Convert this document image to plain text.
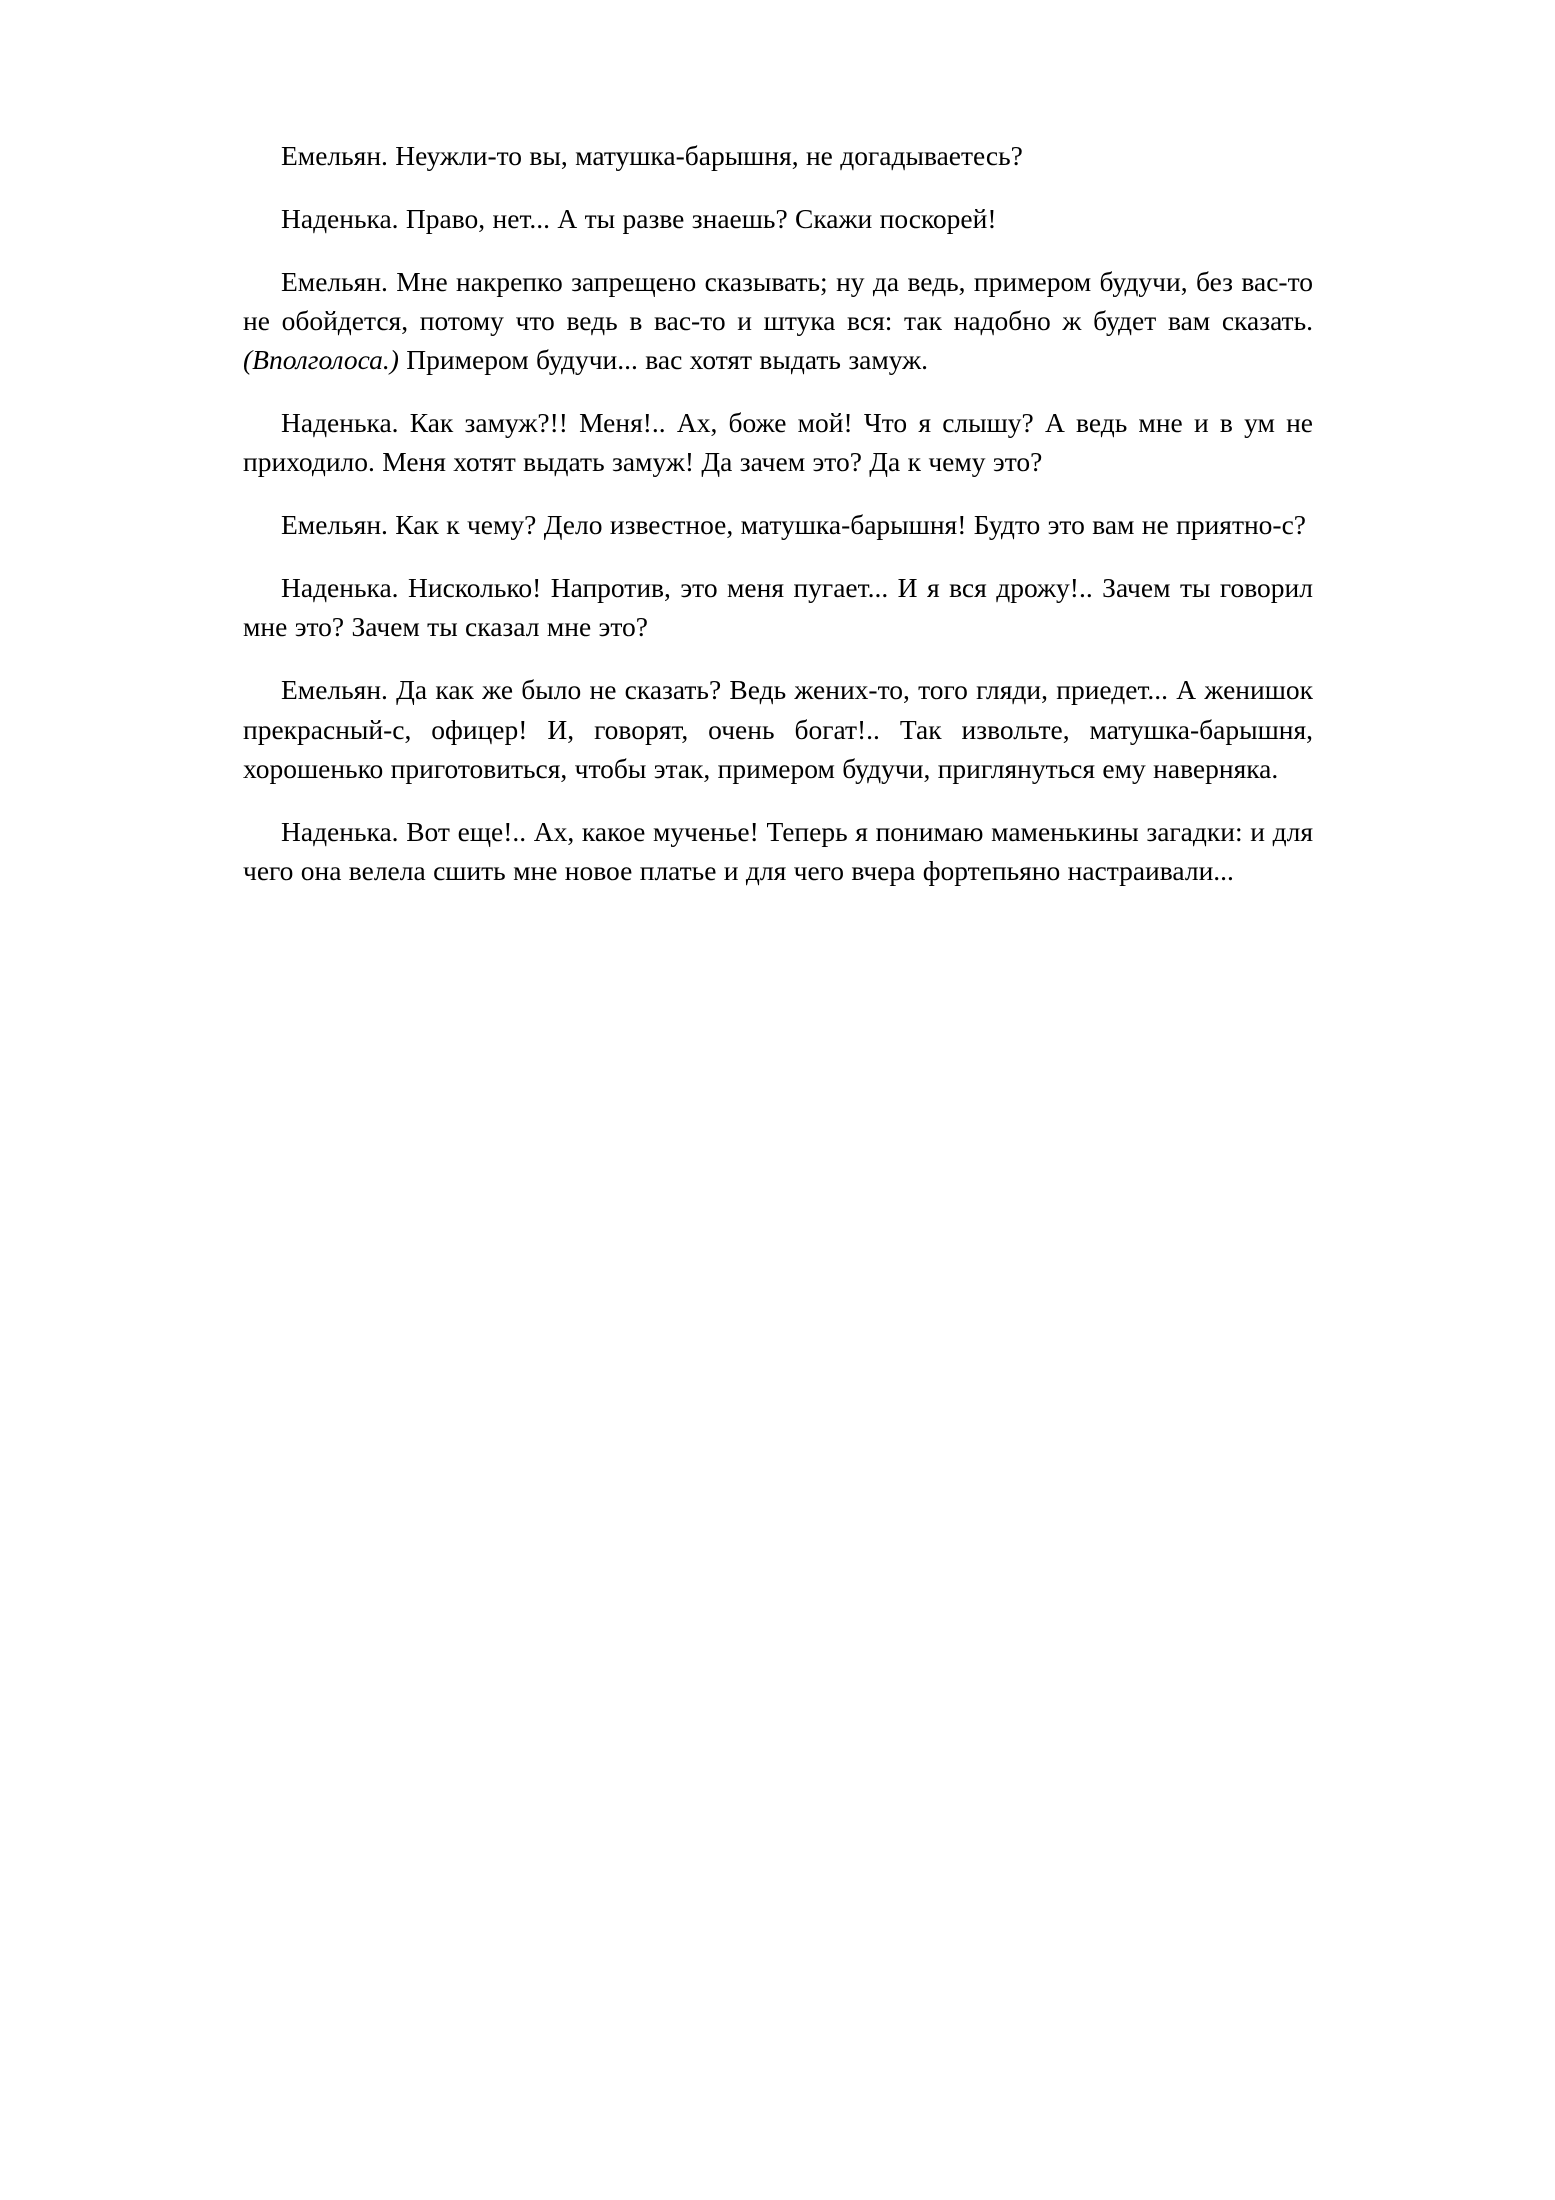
Емельян. Неужли-то вы, матушка-барышня, не догадываетесь?

Наденька. Право, нет... А ты разве знаешь? Скажи поскорей!

Емельян. Мне накрепко запрещено сказывать; ну да ведь, примером будучи, без вас-то не обойдется, потому что ведь в вас-то и штука вся: так надобно ж будет вам сказать. (Вполголоса.) Примером будучи... вас хотят выдать замуж.

Наденька. Как замуж?!! Меня!.. Ах, боже мой! Что я слышу? А ведь мне и в ум не приходило. Меня хотят выдать замуж! Да зачем это? Да к чему это?

Емельян. Как к чему? Дело известное, матушка-барышня! Будто это вам не приятно-с?

Наденька. Нисколько! Напротив, это меня пугает... И я вся дрожу!.. Зачем ты говорил мне это? Зачем ты сказал мне это?

Емельян. Да как же было не сказать? Ведь жених-то, того гляди, приедет... А женишок прекрасный-с, офицер! И, говорят, очень богат!.. Так извольте, матушка-барышня, хорошенько приготовиться, чтобы этак, примером будучи, приглянуться ему наверняка.

Наденька. Вот еще!.. Ах, какое мученье! Теперь я понимаю маменькины загадки: и для чего она велела сшить мне новое платье и для чего вчера фортепьяно настраивали...
